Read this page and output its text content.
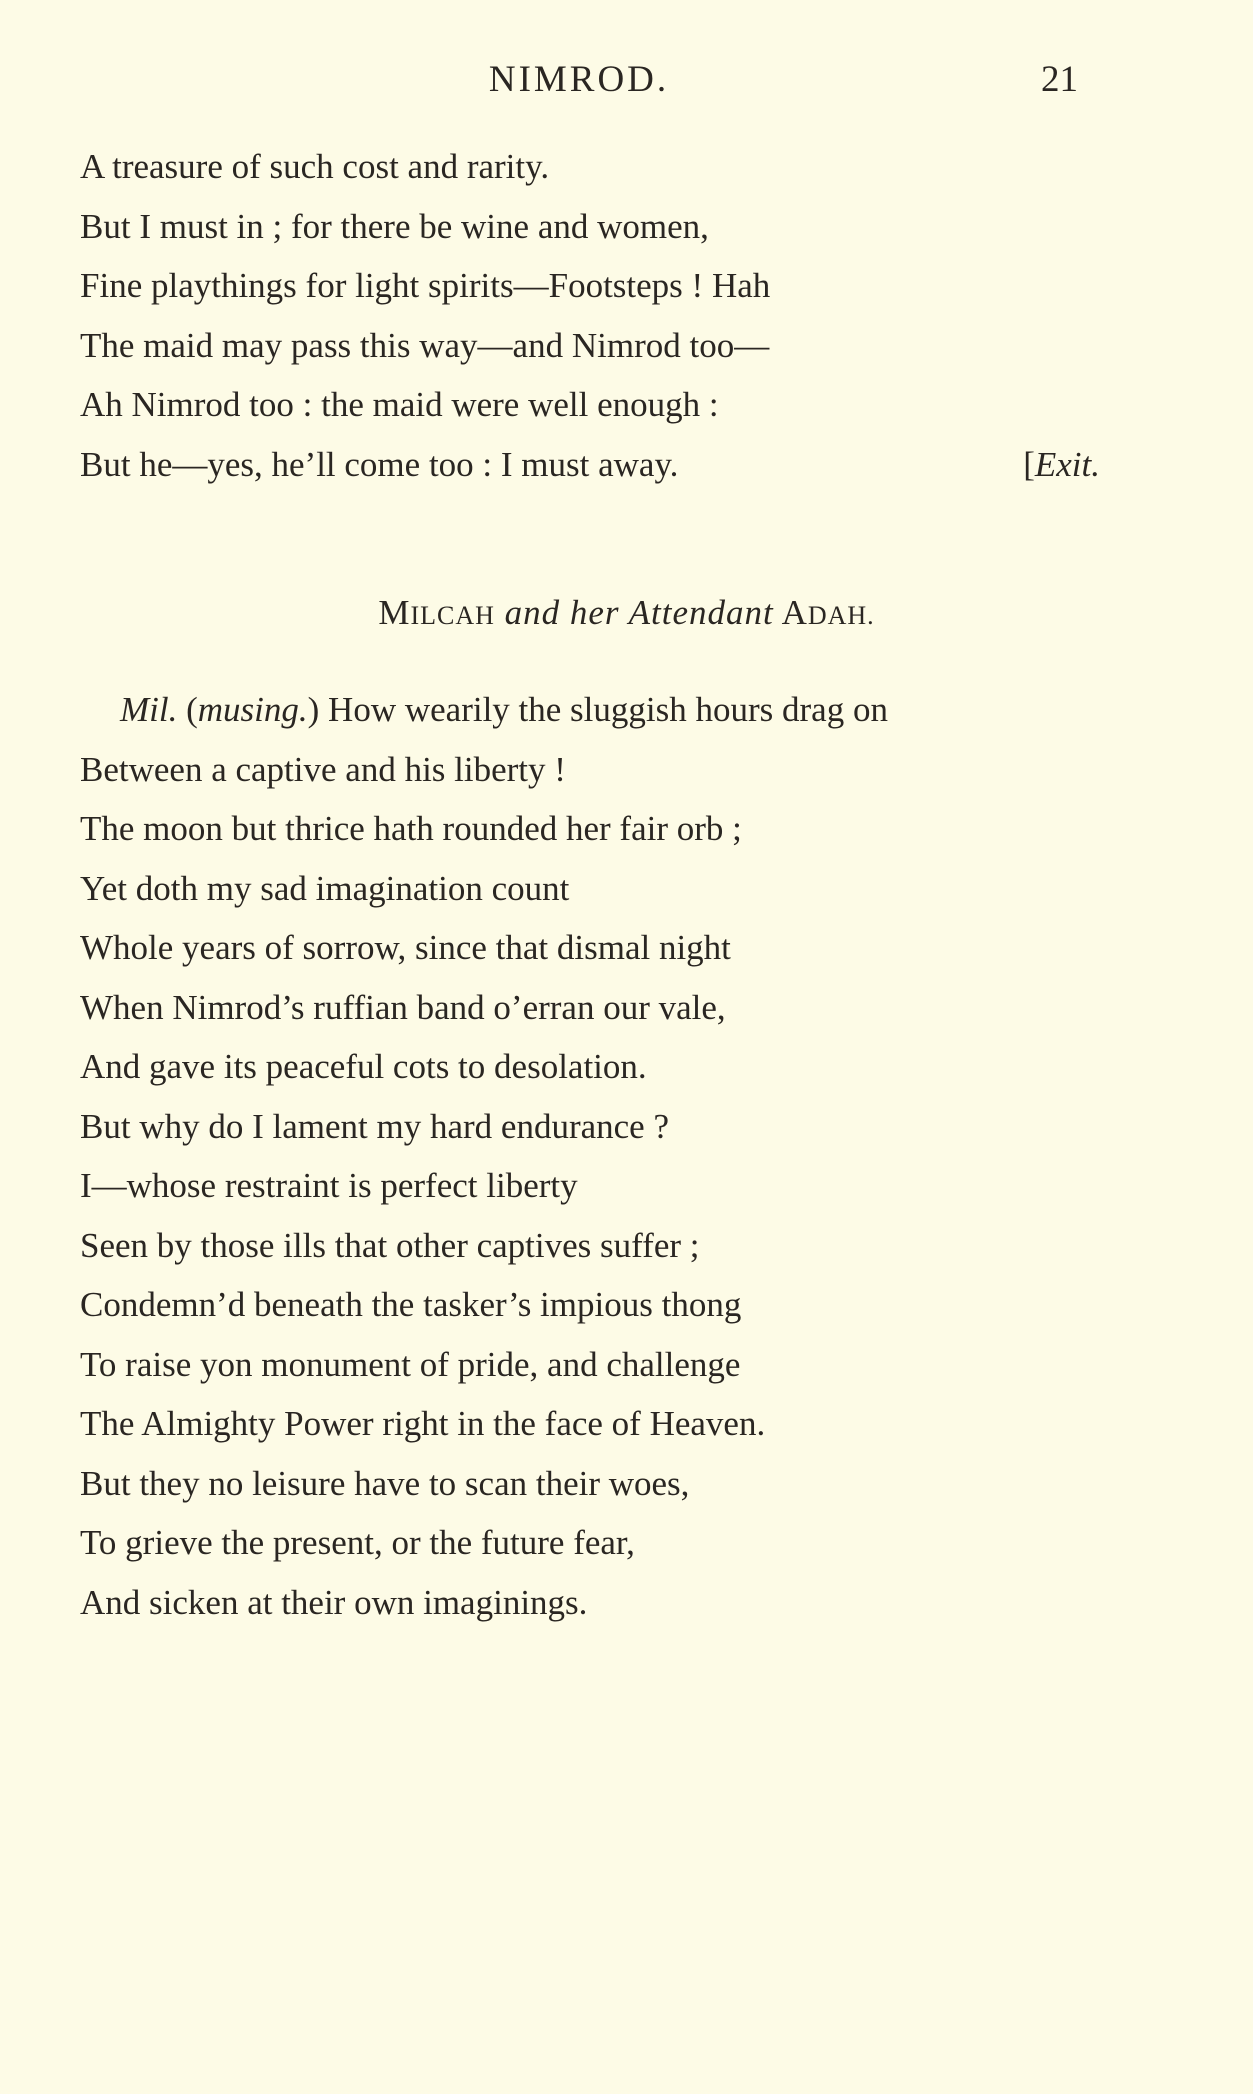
NIMROD.	21
A treasure of such cost and rarity.
But I must in ; for there be wine and women,
Fine playthings for light spirits—Footsteps ! Hah
The maid may pass this way—and Nimrod too—
Ah Nimrod too : the maid were well enough :
But he—yes, he’ll come too : I must away.	[Exit.
MILCAH and her Attendant ADAH.
Mil. (musing.) How wearily the sluggish hours drag on
Between a captive and his liberty !
The moon but thrice hath rounded her fair orb ;
Yet doth my sad imagination count
Whole years of sorrow, since that dismal night
When Nimrod’s ruffian band o’erran our vale,
And gave its peaceful cots to desolation.
But why do I lament my hard endurance ?
I—whose restraint is perfect liberty
Seen by those ills that other captives suffer ;
Condemn’d beneath the tasker’s impious thong
To raise yon monument of pride, and challenge
The Almighty Power right in the face of Heaven.
But they no leisure have to scan their woes,
To grieve the present, or the future fear,
And sicken at their own imaginings.
